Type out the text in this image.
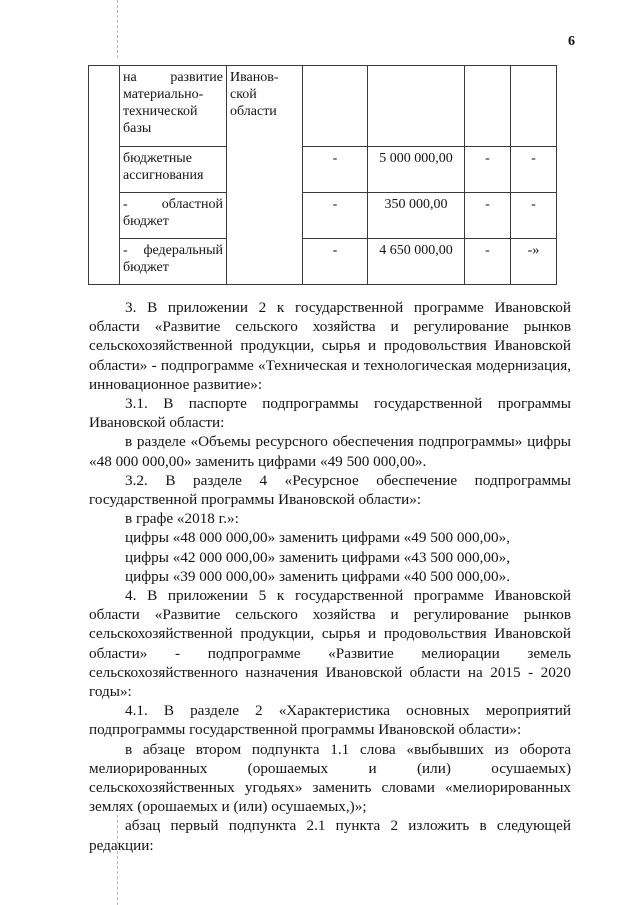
6

	на развитие
материально-
технической
базы	Иванов-
ской
области				

	бюджетные
ассигнования		-	5 000 000,00	-	-

	- областной
бюджет		-	350 000,00	-	-

	- федеральный
бюджет		-	4 650 000,00	-	-»

3. В приложении 2 к государственной программе Ивановской области «Развитие сельского хозяйства и регулирование рынков сельскохозяйственной продукции, сырья и продовольствия Ивановской области» - подпрограмме «Техническая и технологическая модернизация, инновационное развитие»:

3.1. В паспорте подпрограммы государственной программы Ивановской области:

в разделе «Объемы ресурсного обеспечения подпрограммы» цифры «48 000 000,00» заменить цифрами «49 500 000,00».

3.2. В разделе 4 «Ресурсное обеспечение подпрограммы государственной программы Ивановской области»:

в графе «2018 г.»:

цифры «48 000 000,00» заменить цифрами «49 500 000,00»,

цифры «42 000 000,00» заменить цифрами «43 500 000,00»,

цифры «39 000 000,00» заменить цифрами «40 500 000,00».

4. В приложении 5 к государственной программе Ивановской области «Развитие сельского хозяйства и регулирование рынков сельскохозяйственной продукции, сырья и продовольствия Ивановской области» - подпрограмме «Развитие мелиорации земель сельскохозяйственного назначения Ивановской области на 2015 - 2020 годы»:

4.1. В разделе 2 «Характеристика основных мероприятий подпрограммы государственной программы Ивановской области»:

в абзаце втором подпункта 1.1 слова «выбывших из оборота мелиорированных (орошаемых и (или) осушаемых) сельскохозяйственных угодьях» заменить словами «мелиорированных землях (орошаемых и (или) осушаемых,)»;

абзац первый подпункта 2.1 пункта 2 изложить в следующей редакции:
